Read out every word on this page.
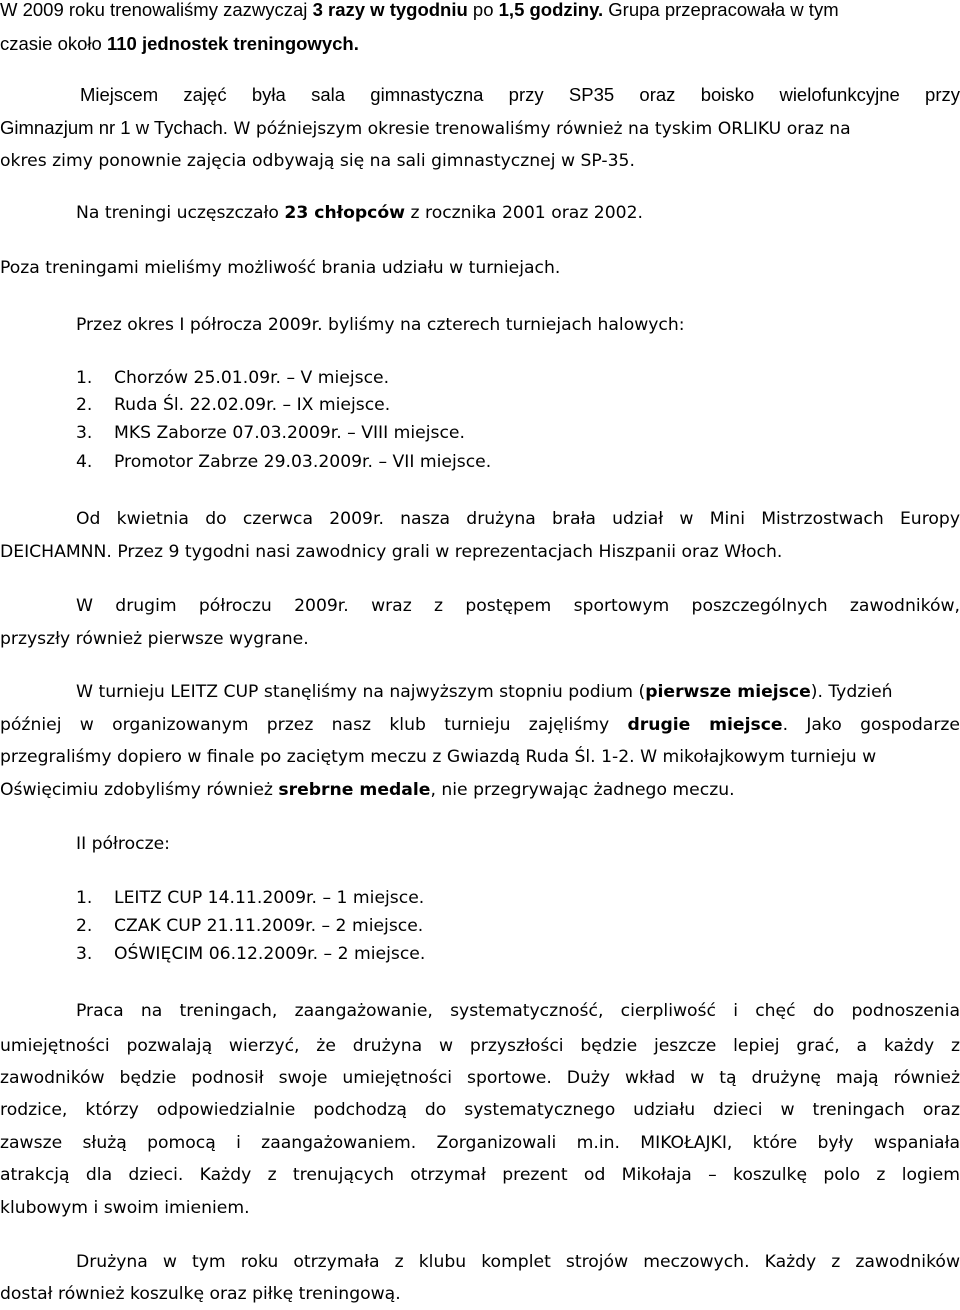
W 2009 roku trenowaliśmy zazwyczaj 3 razy w tygodniu po 1,5 godziny. Grupa przepracowała w tym
czasie około 110 jednostek treningowych.
Miejscem zajęć była sala gimnastyczna przy SP35 oraz boisko wielofunkcyjne przy
Gimnazjum nr 1 w Tychach. W późniejszym okresie trenowaliśmy również na tyskim ORLIKU oraz na
okres zimy ponownie zajęcia odbywają się na sali gimnastycznej w SP-35.
Na treningi uczęszczało 23 chłopców z rocznika 2001 oraz 2002.
Poza treningami mieliśmy możliwość brania udziału w turniejach.
Przez okres I półrocza 2009r. byliśmy na czterech turniejach halowych:
1. Chorzów 25.01.09r. – V miejsce.
2. Ruda Śl. 22.02.09r. – IX miejsce.
3. MKS Zaborze 07.03.2009r. – VIII miejsce.
4. Promotor Zabrze 29.03.2009r. – VII miejsce.
Od kwietnia do czerwca 2009r. nasza drużyna brała udział w Mini Mistrzostwach Europy
DEICHAMNN. Przez 9 tygodni nasi zawodnicy grali w reprezentacjach Hiszpanii oraz Włoch.
W drugim półroczu 2009r. wraz z postępem sportowym poszczególnych zawodników,
przyszły również pierwsze wygrane.
W turnieju LEITZ CUP stanęliśmy na najwyższym stopniu podium (pierwsze miejsce). Tydzień
później w organizowanym przez nasz klub turnieju zajęliśmy drugie miejsce. Jako gospodarze
przegraliśmy dopiero w finale po zaciętym meczu z Gwiazdą Ruda Śl. 1-2. W mikołajkowym turnieju w
Oświęcimiu zdobyliśmy również srebrne medale, nie przegrywając żadnego meczu.
II półrocze:
1. LEITZ CUP 14.11.2009r. – 1 miejsce.
2. CZAK CUP 21.11.2009r. – 2 miejsce.
3. OŚWIĘCIM 06.12.2009r. – 2 miejsce.
Praca na treningach, zaangażowanie, systematyczność, cierpliwość i chęć do podnoszenia
umiejętności pozwalają wierzyć, że drużyna w przyszłości będzie jeszcze lepiej grać, a każdy z
zawodników będzie podnosił swoje umiejętności sportowe. Duży wkład w tą drużynę mają również
rodzice, którzy odpowiedzialnie podchodzą do systematycznego udziału dzieci w treningach oraz
zawsze służą pomocą i zaangażowaniem. Zorganizowali m.in. MIKOŁAJKI, które były wspaniała
atrakcją dla dzieci. Każdy z trenujących otrzymał prezent od Mikołaja – koszulkę polo z logiem
klubowym i swoim imieniem.
Drużyna w tym roku otrzymała z klubu komplet strojów meczowych. Każdy z zawodników
dostał również koszulkę oraz piłkę treningową.
